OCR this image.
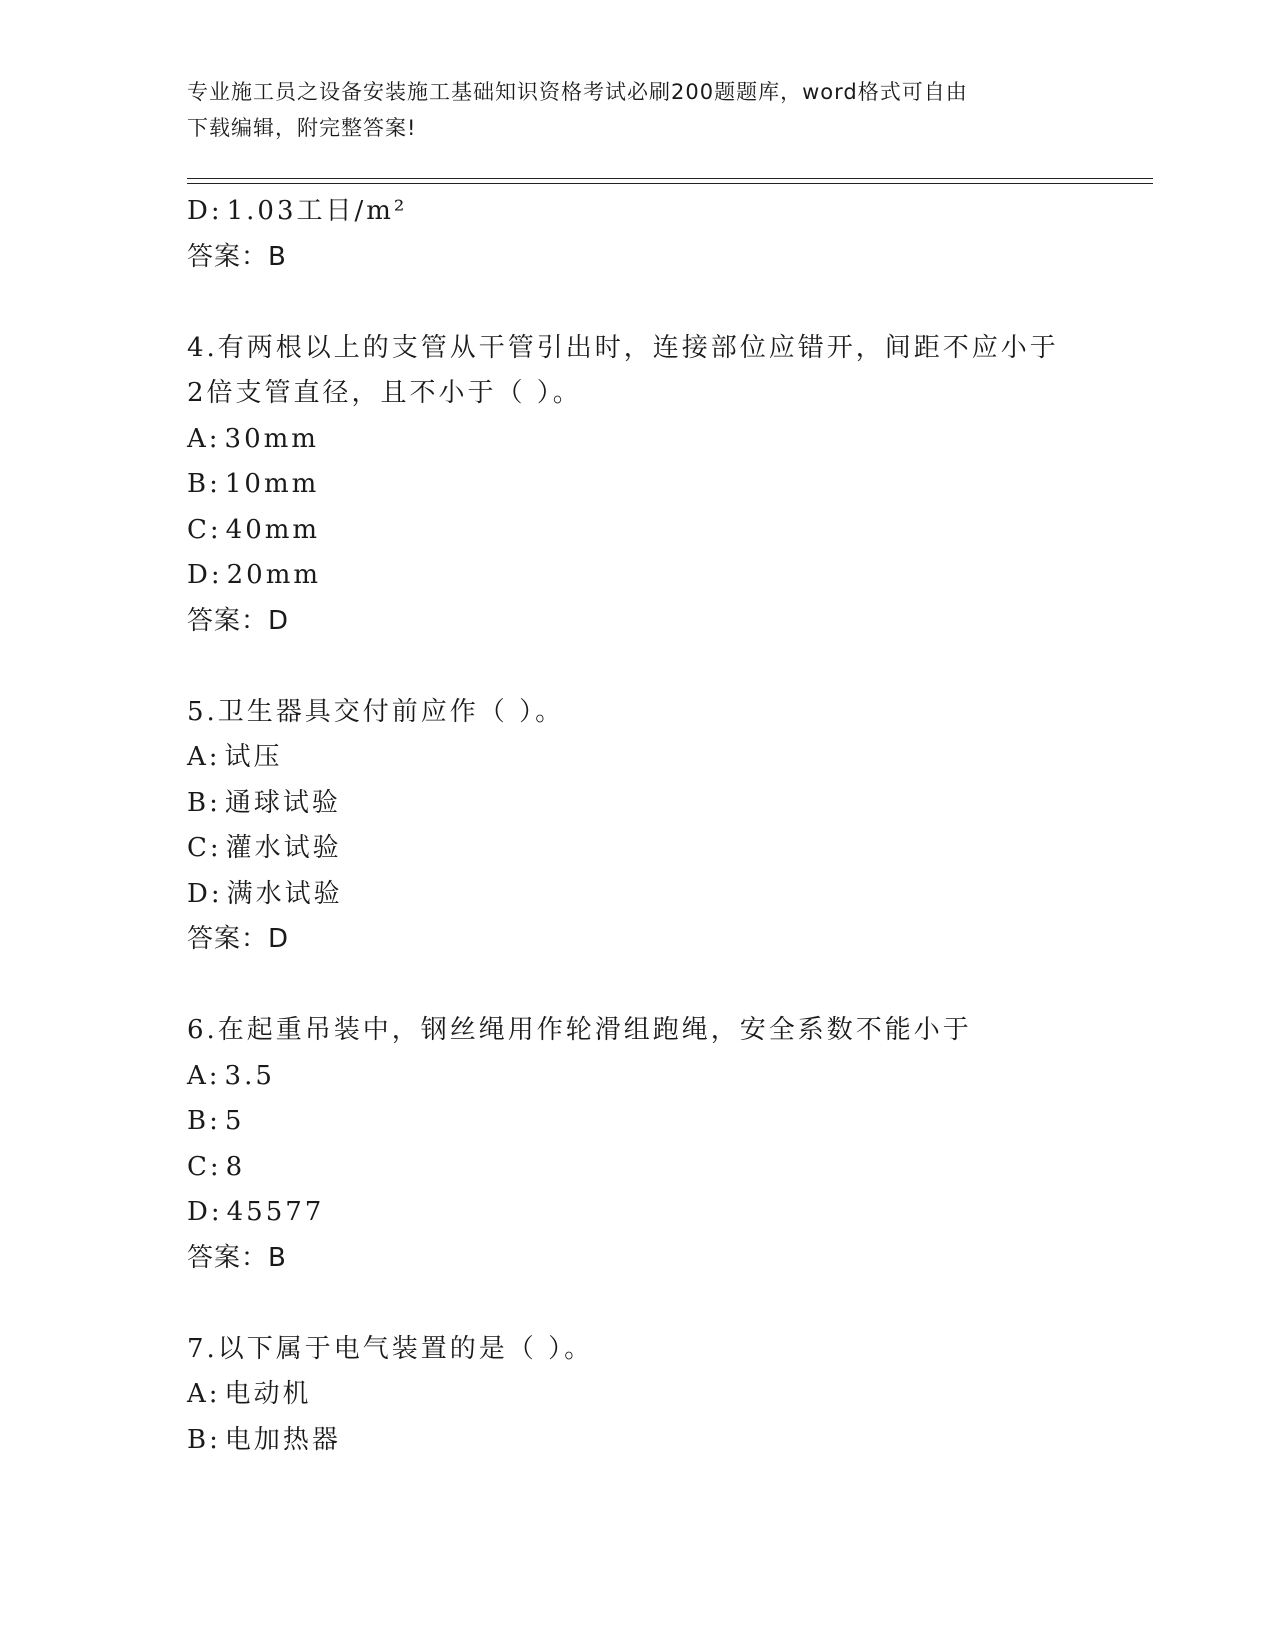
专业施工员之设备安装施工基础知识资格考试必刷200题题库，word格式可自由
下载编辑，附完整答案!
D: 1.03工日/m²
答案：B
4.有两根以上的支管从干管引出时，连接部位应错开，间距不应小于
2倍支管直径，且不小于（ ）。
A: 30mm
B: 10mm
C: 40mm
D: 20mm
答案：D
5.卫生器具交付前应作（ ）。
A: 试压
B: 通球试验
C: 灌水试验
D: 满水试验
答案：D
6.在起重吊装中，钢丝绳用作轮滑组跑绳，安全系数不能小于
A: 3.5
B: 5
C: 8
D: 45577
答案：B
7.以下属于电气装置的是（ ）。
A: 电动机
B: 电加热器
